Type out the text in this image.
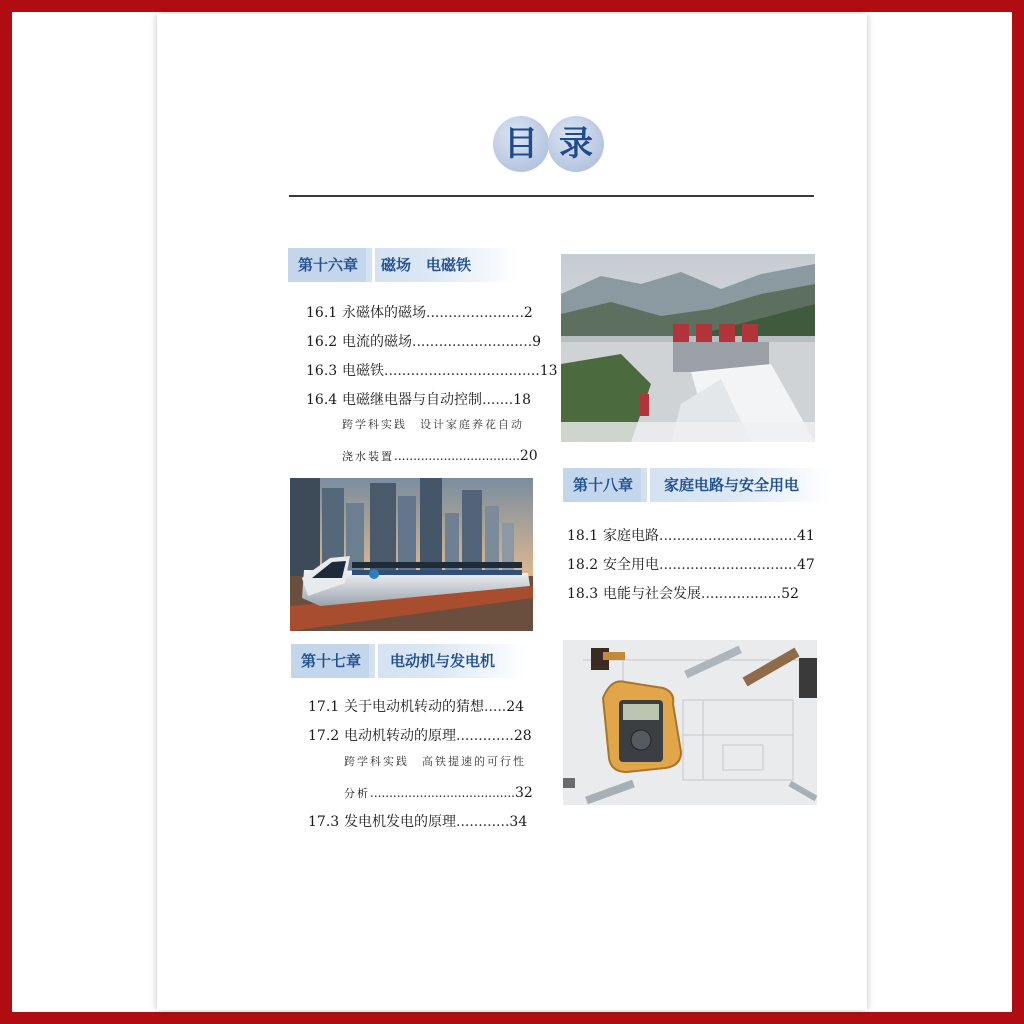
目 录
第十六章	磁场　电磁铁
16.1 永磁体的磁场......................2
16.2 电流的磁场...........................9
16.3 电磁铁...................................13
16.4 电磁继电器与自动控制.......18
跨学科实践　设计家庭养花自动
浇水装置.................................20
第十七章	电动机与发电机
17.1 关于电动机转动的猜想.....24
17.2 电动机转动的原理.............28
跨学科实践　高铁提速的可行性
分析......................................32
17.3 发电机发电的原理............34
第十八章	家庭电路与安全用电
18.1 家庭电路...............................41
18.2 安全用电...............................47
18.3 电能与社会发展..................52
